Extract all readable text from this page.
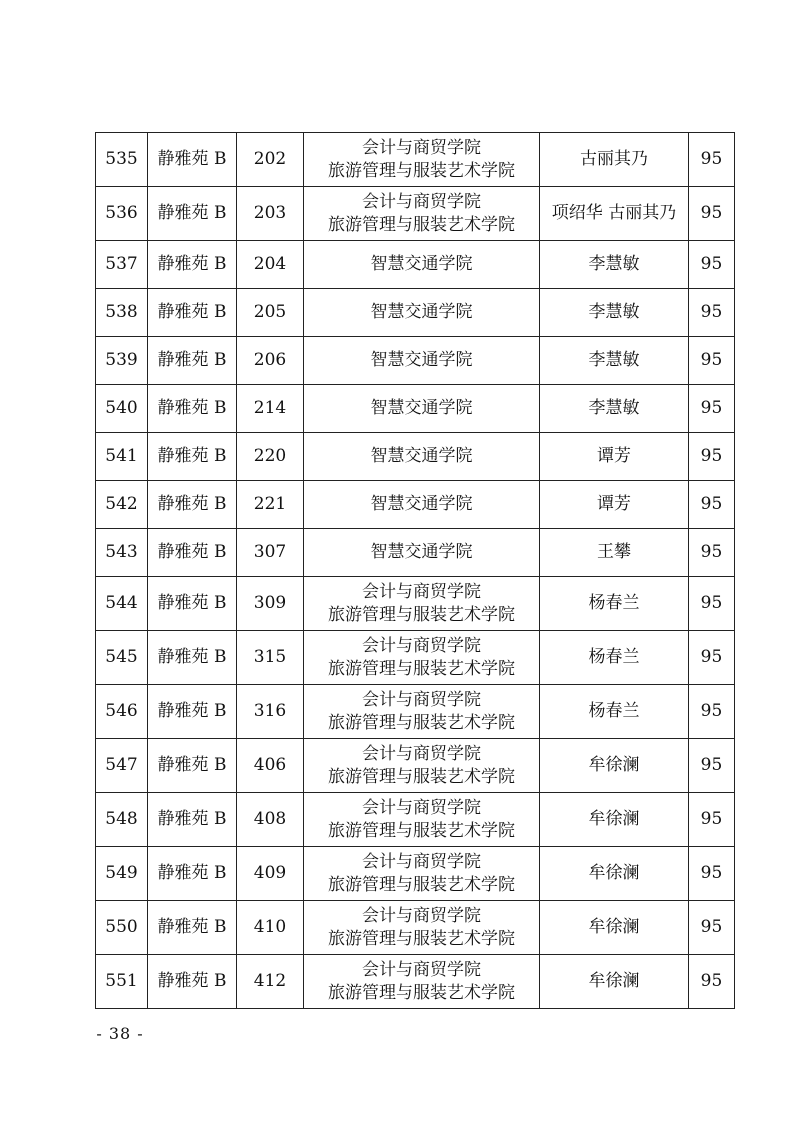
535	静雅苑 B	202	会计与商贸学院
旅游管理与服装艺术学院	古丽其乃	95
536	静雅苑 B	203	会计与商贸学院
旅游管理与服装艺术学院	项绍华 古丽其乃	95
537	静雅苑 B	204	智慧交通学院	李慧敏	95
538	静雅苑 B	205	智慧交通学院	李慧敏	95
539	静雅苑 B	206	智慧交通学院	李慧敏	95
540	静雅苑 B	214	智慧交通学院	李慧敏	95
541	静雅苑 B	220	智慧交通学院	谭芳	95
542	静雅苑 B	221	智慧交通学院	谭芳	95
543	静雅苑 B	307	智慧交通学院	王攀	95
544	静雅苑 B	309	会计与商贸学院
旅游管理与服装艺术学院	杨春兰	95
545	静雅苑 B	315	会计与商贸学院
旅游管理与服装艺术学院	杨春兰	95
546	静雅苑 B	316	会计与商贸学院
旅游管理与服装艺术学院	杨春兰	95
547	静雅苑 B	406	会计与商贸学院
旅游管理与服装艺术学院	牟徐澜	95
548	静雅苑 B	408	会计与商贸学院
旅游管理与服装艺术学院	牟徐澜	95
549	静雅苑 B	409	会计与商贸学院
旅游管理与服装艺术学院	牟徐澜	95
550	静雅苑 B	410	会计与商贸学院
旅游管理与服装艺术学院	牟徐澜	95
551	静雅苑 B	412	会计与商贸学院
旅游管理与服装艺术学院	牟徐澜	95
- 38 -
